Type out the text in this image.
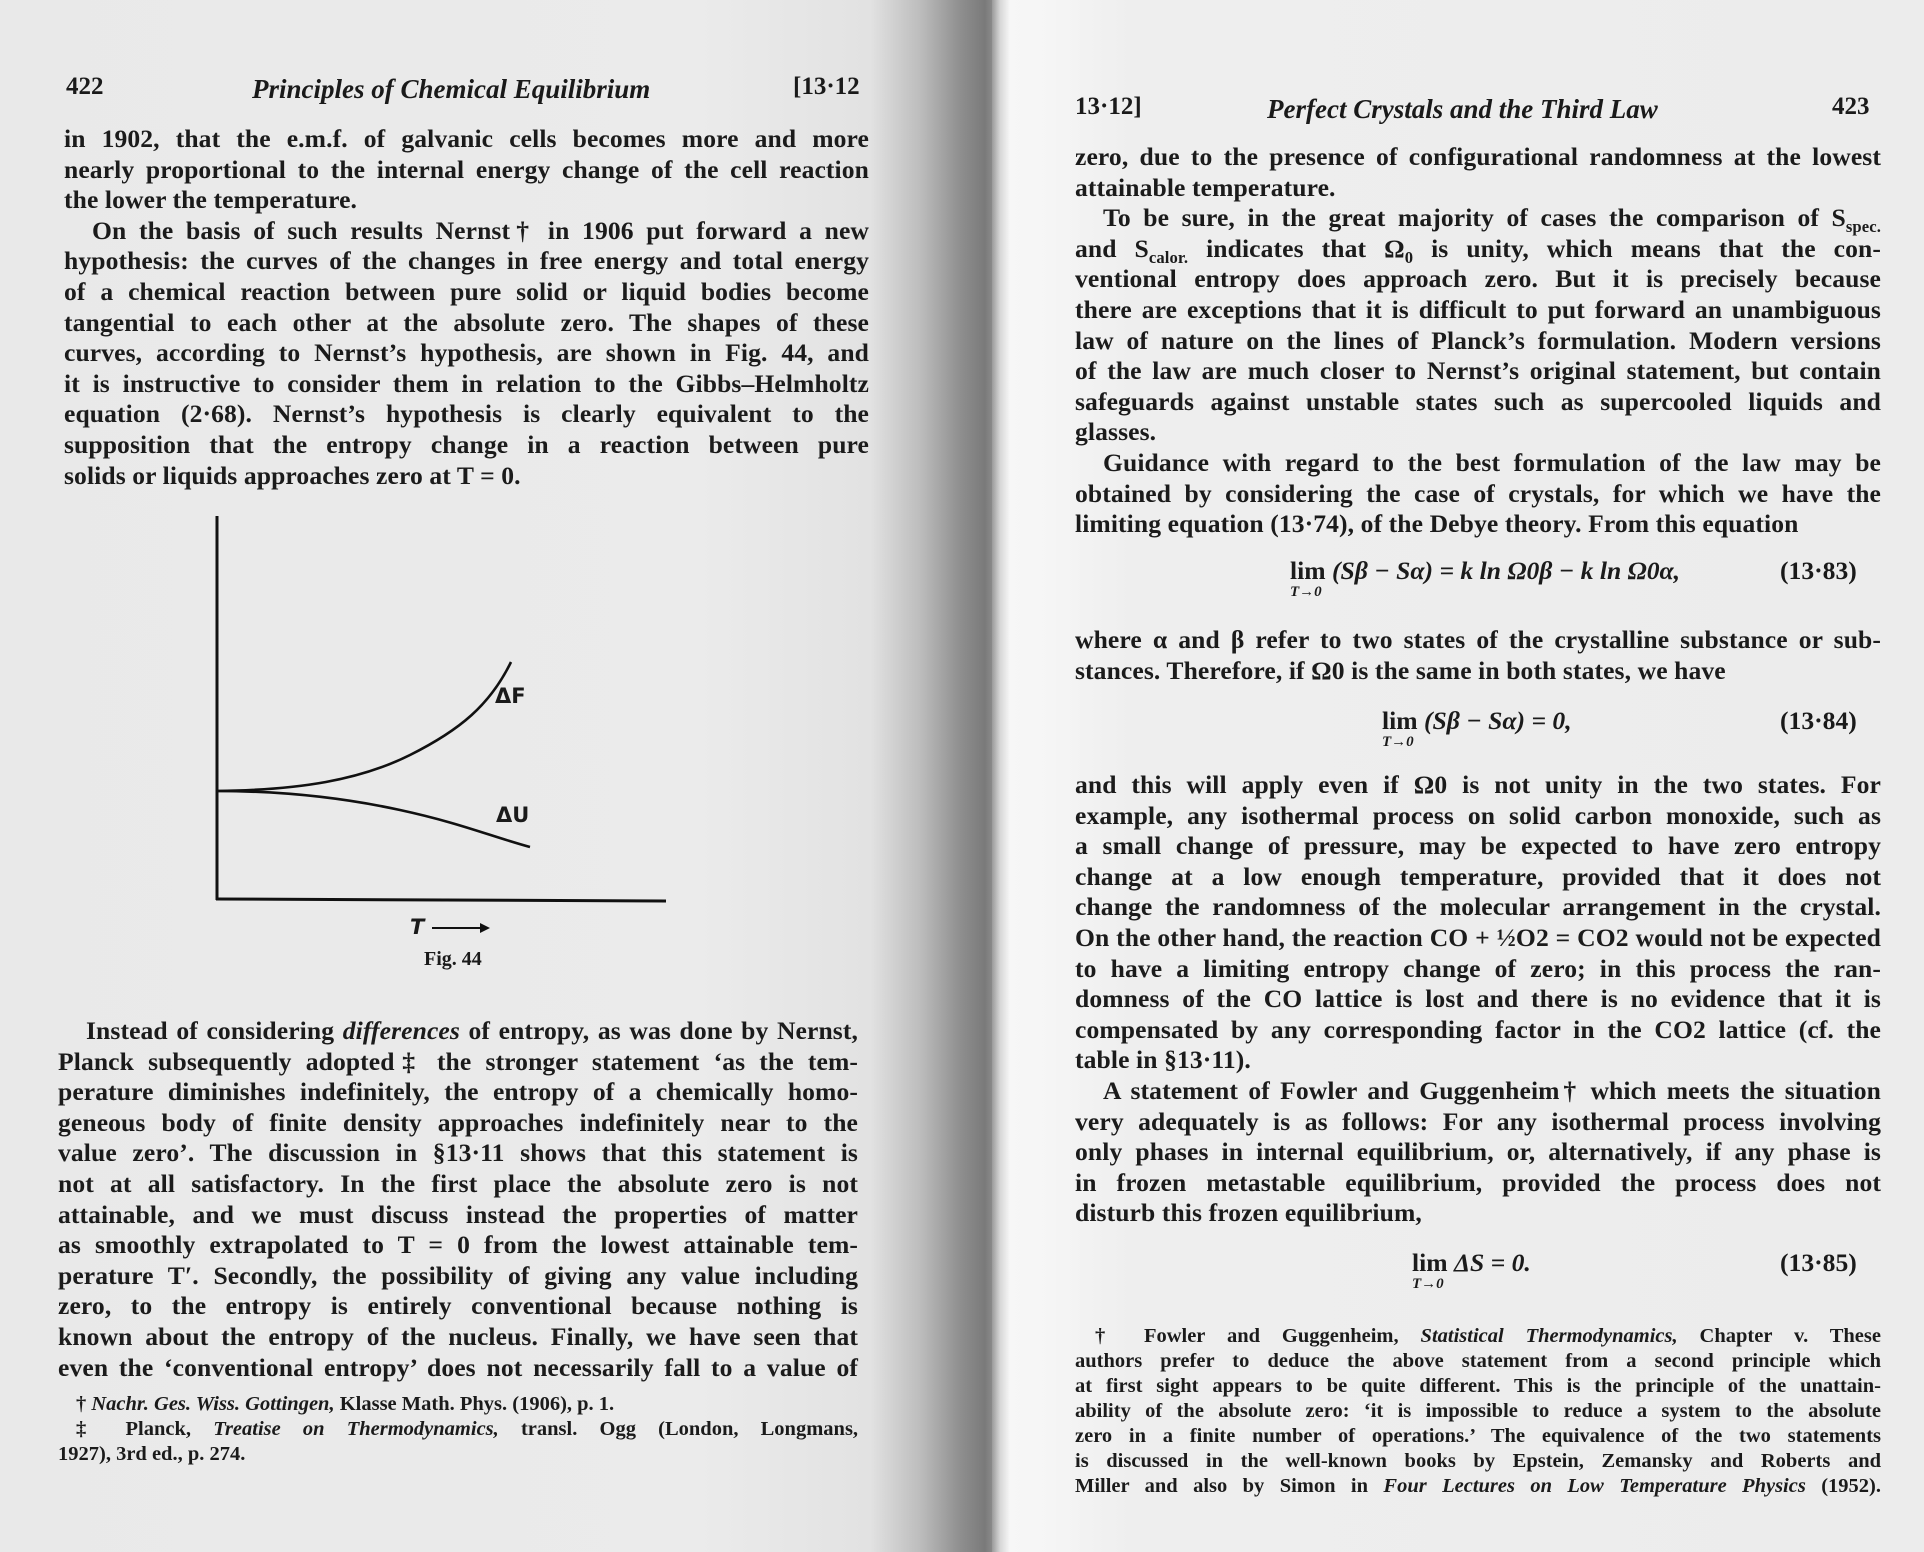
422	Principles of Chemical Equilibrium	[13·12
in 1902, that the e.m.f. of galvanic cells becomes more and more
nearly proportional to the internal energy change of the cell reaction
the lower the temperature.
On the basis of such results Nernst† in 1906 put forward a new
hypothesis: the curves of the changes in free energy and total energy
of a chemical reaction between pure solid or liquid bodies become
tangential to each other at the absolute zero. The shapes of these
curves, according to Nernst’s hypothesis, are shown in Fig. 44, and
it is instructive to consider them in relation to the Gibbs–Helmholtz
equation (2·68). Nernst’s hypothesis is clearly equivalent to the
supposition that the entropy change in a reaction between pure
solids or liquids approaches zero at T = 0.
ΔF
ΔU
T
Fig. 44
Instead of considering differences of entropy, as was done by Nernst,
Planck subsequently adopted‡ the stronger statement ‘as the tem-
perature diminishes indefinitely, the entropy of a chemically homo-
geneous body of finite density approaches indefinitely near to the
value zero’. The discussion in §13·11 shows that this statement is
not at all satisfactory. In the first place the absolute zero is not
attainable, and we must discuss instead the properties of matter
as smoothly extrapolated to T = 0 from the lowest attainable tem-
perature T′. Secondly, the possibility of giving any value including
zero, to the entropy is entirely conventional because nothing is
known about the entropy of the nucleus. Finally, we have seen that
even the ‘conventional entropy’ does not necessarily fall to a value of
† Nachr. Ges. Wiss. Gottingen, Klasse Math. Phys. (1906), p. 1.
‡ Planck, Treatise on Thermodynamics, transl. Ogg (London, Longmans,
1927), 3rd ed., p. 274.
13·12]	Perfect Crystals and the Third Law	423
zero, due to the presence of configurational randomness at the lowest
attainable temperature.
To be sure, in the great majority of cases the comparison of $S_{spec.}$
and $S_{calor.}$ indicates that $\Omega_0$ is unity, which means that the con-
ventional entropy does approach zero. But it is precisely because
there are exceptions that it is difficult to put forward an unambiguous
law of nature on the lines of Planck’s formulation. Modern versions
of the law are much closer to Nernst’s original statement, but contain
safeguards against unstable states such as supercooled liquids and
glasses.
Guidance with regard to the best formulation of the law may be
obtained by considering the case of crystals, for which we have the
limiting equation (13·74), of the Debye theory. From this equation
lim (Sβ − Sα) = k ln Ω0β − k ln Ω0α,
T→0
(13·83)
where α and β refer to two states of the crystalline substance or sub-
stances. Therefore, if Ω0 is the same in both states, we have
lim (Sβ − Sα) = 0,
T→0
(13·84)
and this will apply even if Ω0 is not unity in the two states. For
example, any isothermal process on solid carbon monoxide, such as
a small change of pressure, may be expected to have zero entropy
change at a low enough temperature, provided that it does not
change the randomness of the molecular arrangement in the crystal.
On the other hand, the reaction CO + ½O2 = CO2 would not be expected
to have a limiting entropy change of zero; in this process the ran-
domness of the CO lattice is lost and there is no evidence that it is
compensated by any corresponding factor in the CO2 lattice (cf. the
table in §13·11).
A statement of Fowler and Guggenheim† which meets the situation
very adequately is as follows: For any isothermal process involving
only phases in internal equilibrium, or, alternatively, if any phase is
in frozen metastable equilibrium, provided the process does not
disturb this frozen equilibrium,
lim ΔS = 0.
T→0
(13·85)
† Fowler and Guggenheim, Statistical Thermodynamics, Chapter v. These
authors prefer to deduce the above statement from a second principle which
at first sight appears to be quite different. This is the principle of the unattain-
ability of the absolute zero: ‘it is impossible to reduce a system to the absolute
zero in a finite number of operations.’ The equivalence of the two statements
is discussed in the well-known books by Epstein, Zemansky and Roberts and
Miller and also by Simon in Four Lectures on Low Temperature Physics (1952).
